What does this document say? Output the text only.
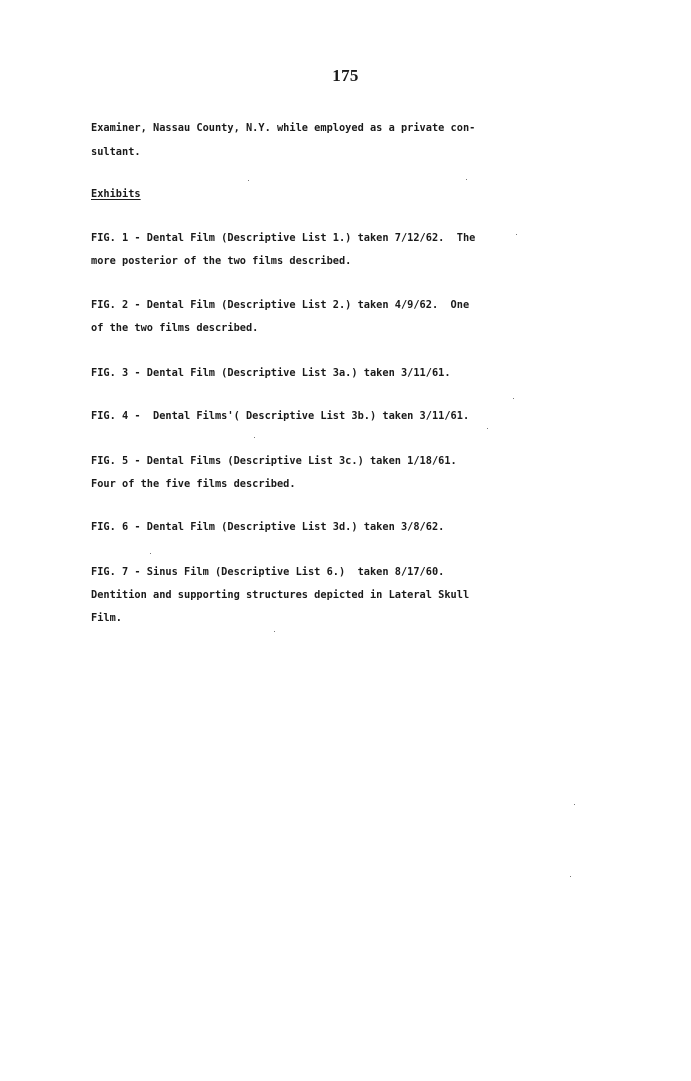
175
Examiner, Nassau County, N.Y. while employed as a private con-
sultant.
Exhibits
FIG. 1 - Dental Film (Descriptive List 1.) taken 7/12/62.  The
more posterior of the two films described.
FIG. 2 - Dental Film (Descriptive List 2.) taken 4/9/62.  One
of the two films described.
FIG. 3 - Dental Film (Descriptive List 3a.) taken 3/11/61.
FIG. 4 -  Dental Films'( Descriptive List 3b.) taken 3/11/61.
FIG. 5 - Dental Films (Descriptive List 3c.) taken 1/18/61.
Four of the five films described.
FIG. 6 - Dental Film (Descriptive List 3d.) taken 3/8/62.
FIG. 7 - Sinus Film (Descriptive List 6.)  taken 8/17/60.
Dentition and supporting structures depicted in Lateral Skull
Film.
